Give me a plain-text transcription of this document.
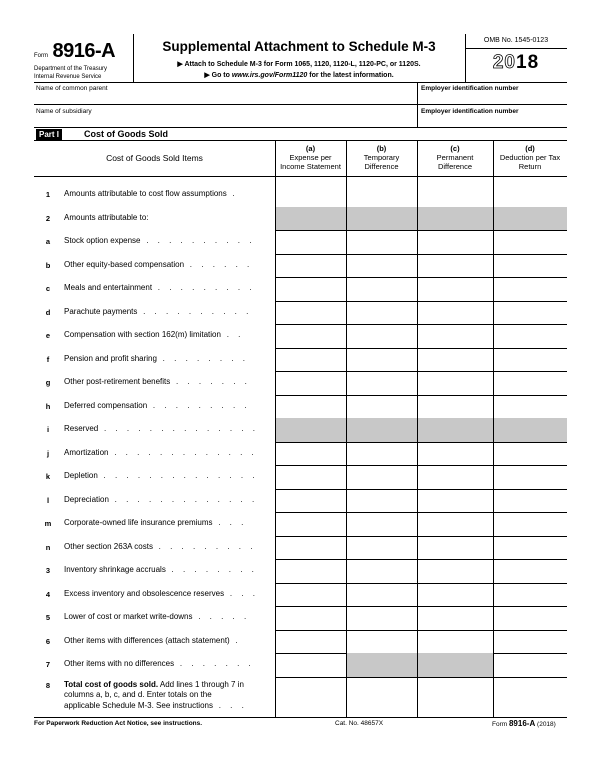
Form 8916-A
Department of the Treasury
Internal Revenue Service
Supplemental Attachment to Schedule M-3
▶ Attach to Schedule M-3 for Form 1065, 1120, 1120-L, 1120-PC, or 1120S.
▶ Go to www.irs.gov/Form1120 for the latest information.
OMB No. 1545-0123
2018
Name of common parent	Employer identification number
Name of subsidiary	Employer identification number
Part I	Cost of Goods Sold
Cost of Goods Sold Items
(a)
Expense per
Income Statement
(b)
Temporary
Difference
(c)
Permanent
Difference
(d)
Deduction per Tax
Return
1	Amounts attributable to cost flow assumptions .
2	Amounts attributable to:
a	Stock option expense . . . . . . . . . .
b	Other equity-based compensation . . . . . .
c	Meals and entertainment . . . . . . . . .
d	Parachute payments . . . . . . . . . .
e	Compensation with section 162(m) limitation . .
f	Pension and profit sharing . . . . . . . .
g	Other post-retirement benefits . . . . . . .
h	Deferred compensation . . . . . . . . .
i	Reserved . . . . . . . . . . . . . .
j	Amortization . . . . . . . . . . . . .
k	Depletion . . . . . . . . . . . . . .
l	Depreciation . . . . . . . . . . . . .
m	Corporate-owned life insurance premiums . . .
n	Other section 263A costs . . . . . . . . .
3	Inventory shrinkage accruals . . . . . . . .
4	Excess inventory and obsolescence reserves . . .
5	Lower of cost or market write-downs . . . . .
6	Other items with differences (attach statement) .
7	Other items with no differences . . . . . . .
8	Total cost of goods sold. Add lines 1 through 7 in
columns a, b, c, and d. Enter totals on the
applicable Schedule M-3. See instructions . . .
For Paperwork Reduction Act Notice, see instructions.	Cat. No. 48657X	Form 8916-A (2018)
